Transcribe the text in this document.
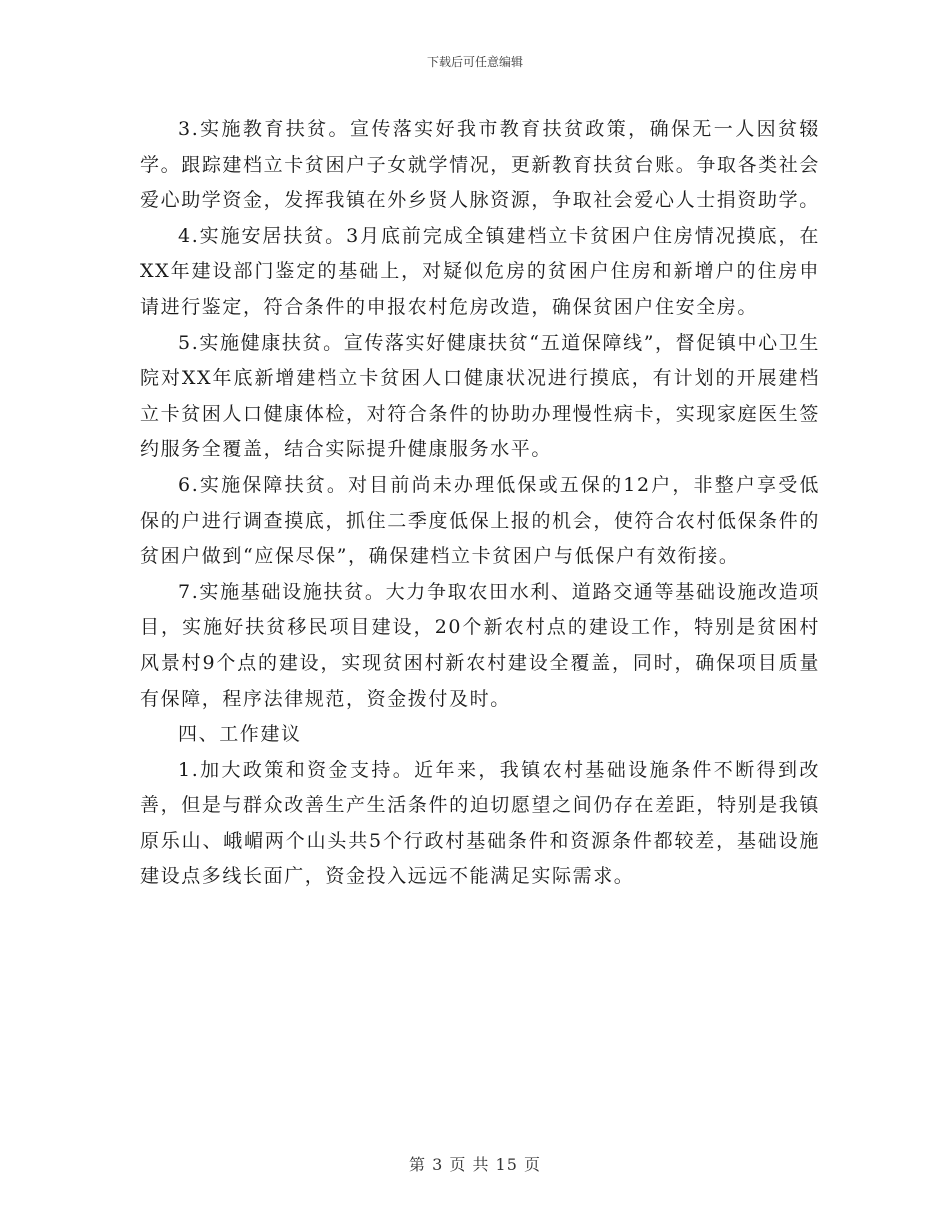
下载后可任意编辑

3.实施教育扶贫。宣传落实好我市教育扶贫政策，确保无一人因贫辍学。跟踪建档立卡贫困户子女就学情况，更新教育扶贫台账。争取各类社会爱心助学资金，发挥我镇在外乡贤人脉资源，争取社会爱心人士捐资助学。

4.实施安居扶贫。3月底前完成全镇建档立卡贫困户住房情况摸底，在XX年建设部门鉴定的基础上，对疑似危房的贫困户住房和新增户的住房申请进行鉴定，符合条件的申报农村危房改造，确保贫困户住安全房。

5.实施健康扶贫。宣传落实好健康扶贫“五道保障线”，督促镇中心卫生院对XX年底新增建档立卡贫困人口健康状况进行摸底，有计划的开展建档立卡贫困人口健康体检，对符合条件的协助办理慢性病卡，实现家庭医生签约服务全覆盖，结合实际提升健康服务水平。

6.实施保障扶贫。对目前尚未办理低保或五保的12户，非整户享受低保的户进行调查摸底，抓住二季度低保上报的机会，使符合农村低保条件的贫困户做到“应保尽保”，确保建档立卡贫困户与低保户有效衔接。

7.实施基础设施扶贫。大力争取农田水利、道路交通等基础设施改造项目，实施好扶贫移民项目建设，20个新农村点的建设工作，特别是贫困村风景村9个点的建设，实现贫困村新农村建设全覆盖，同时，确保项目质量有保障，程序法律规范，资金拨付及时。

四、工作建议

1.加大政策和资金支持。近年来，我镇农村基础设施条件不断得到改善，但是与群众改善生产生活条件的迫切愿望之间仍存在差距，特别是我镇原乐山、峨嵋两个山头共5个行政村基础条件和资源条件都较差，基础设施建设点多线长面广，资金投入远远不能满足实际需求。

第 3 页 共 15 页
